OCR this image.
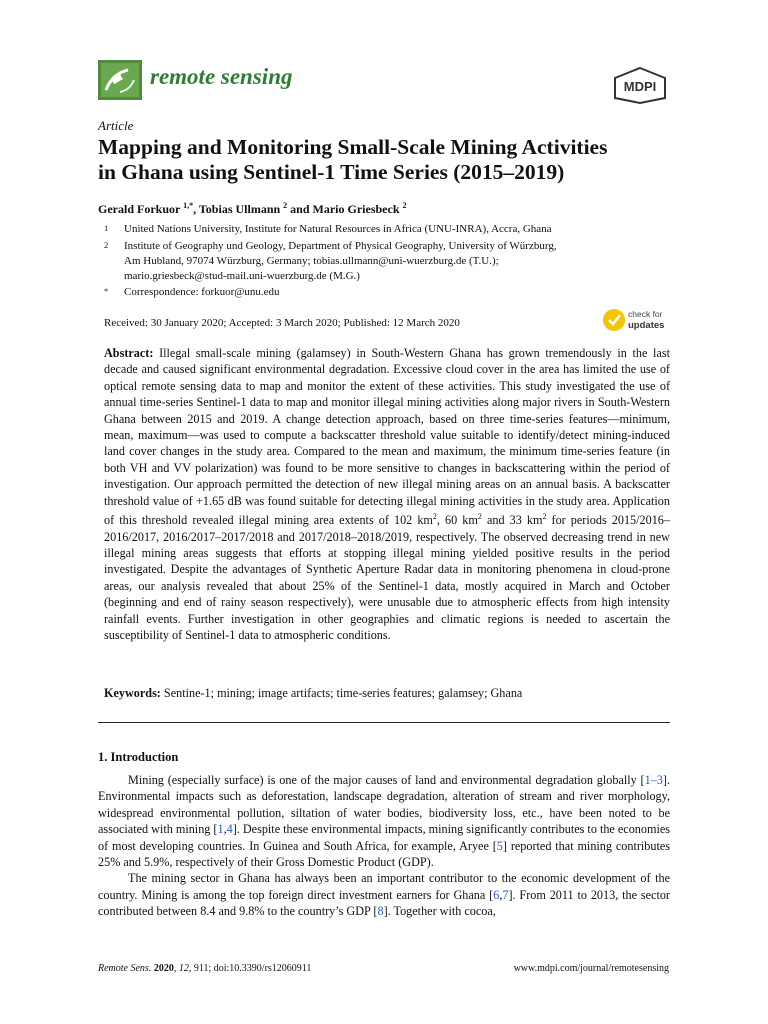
remote sensing	MDPI
Article
Mapping and Monitoring Small-Scale Mining Activities
in Ghana using Sentinel-1 Time Series (2015–2019)
Gerald Forkuor $^{1,*}$, Tobias Ullmann $^2$ and Mario Griesbeck $^2$
1 United Nations University, Institute for Natural Resources in Africa (UNU-INRA), Accra, Ghana
2 Institute of Geography und Geology, Department of Physical Geography, University of Würzburg,
Am Hubland, 97074 Würzburg, Germany; tobias.ullmann@uni-wuerzburg.de (T.U.);
mario.griesbeck@stud-mail.uni-wuerzburg.de (M.G.)
* Correspondence: forkuor@unu.edu
Received: 30 January 2020; Accepted: 3 March 2020; Published: 12 March 2020
check for
updates
Abstract: Illegal small-scale mining (galamsey) in South-Western Ghana has grown tremendously in the last decade and caused significant environmental degradation. Excessive cloud cover in the area has limited the use of optical remote sensing data to map and monitor the extent of these activities. This study investigated the use of annual time-series Sentinel-1 data to map and monitor illegal mining activities along major rivers in South-Western Ghana between 2015 and 2019. A change detection approach, based on three time-series features—minimum, mean, maximum—was used to compute a backscatter threshold value suitable to identify/detect mining-induced land cover changes in the study area. Compared to the mean and maximum, the minimum time-series feature (in both VH and VV polarization) was found to be more sensitive to changes in backscattering within the period of investigation. Our approach permitted the detection of new illegal mining areas on an annual basis. A backscatter threshold value of +1.65 dB was found suitable for detecting illegal mining activities in the study area. Application of this threshold revealed illegal mining area extents of 102 $km^2$, 60 $km^2$ and 33 $km^2$ for periods 2015/2016–2016/2017, 2016/2017–2017/2018 and 2017/2018–2018/2019, respectively. The observed decreasing trend in new illegal mining areas suggests that efforts at stopping illegal mining yielded positive results in the period investigated. Despite the advantages of Synthetic Aperture Radar data in monitoring phenomena in cloud-prone areas, our analysis revealed that about 25% of the Sentinel-1 data, mostly acquired in March and October (beginning and end of rainy season respectively), were unusable due to atmospheric effects from high intensity rainfall events. Further investigation in other geographies and climatic regions is needed to ascertain the susceptibility of Sentinel-1 data to atmospheric conditions.
Keywords: Sentine-1; mining; image artifacts; time-series features; galamsey; Ghana
1. Introduction

Mining (especially surface) is one of the major causes of land and environmental degradation globally [1–3]. Environmental impacts such as deforestation, landscape degradation, alteration of stream and river morphology, widespread environmental pollution, siltation of water bodies, biodiversity loss, etc., have been noted to be associated with mining [1,4]. Despite these environmental impacts, mining significantly contributes to the economies of most developing countries. In Guinea and South Africa, for example, Aryee [5] reported that mining contributes 25% and 5.9%, respectively of their Gross Domestic Product (GDP).

The mining sector in Ghana has always been an important contributor to the economic development of the country. Mining is among the top foreign direct investment earners for Ghana [6,7]. From 2011 to 2013, the sector contributed between 8.4 and 9.8% to the country’s GDP [8]. Together with cocoa,

Remote Sens. 2020, 12, 911; doi:10.3390/rs12060911	www.mdpi.com/journal/remotesensing
